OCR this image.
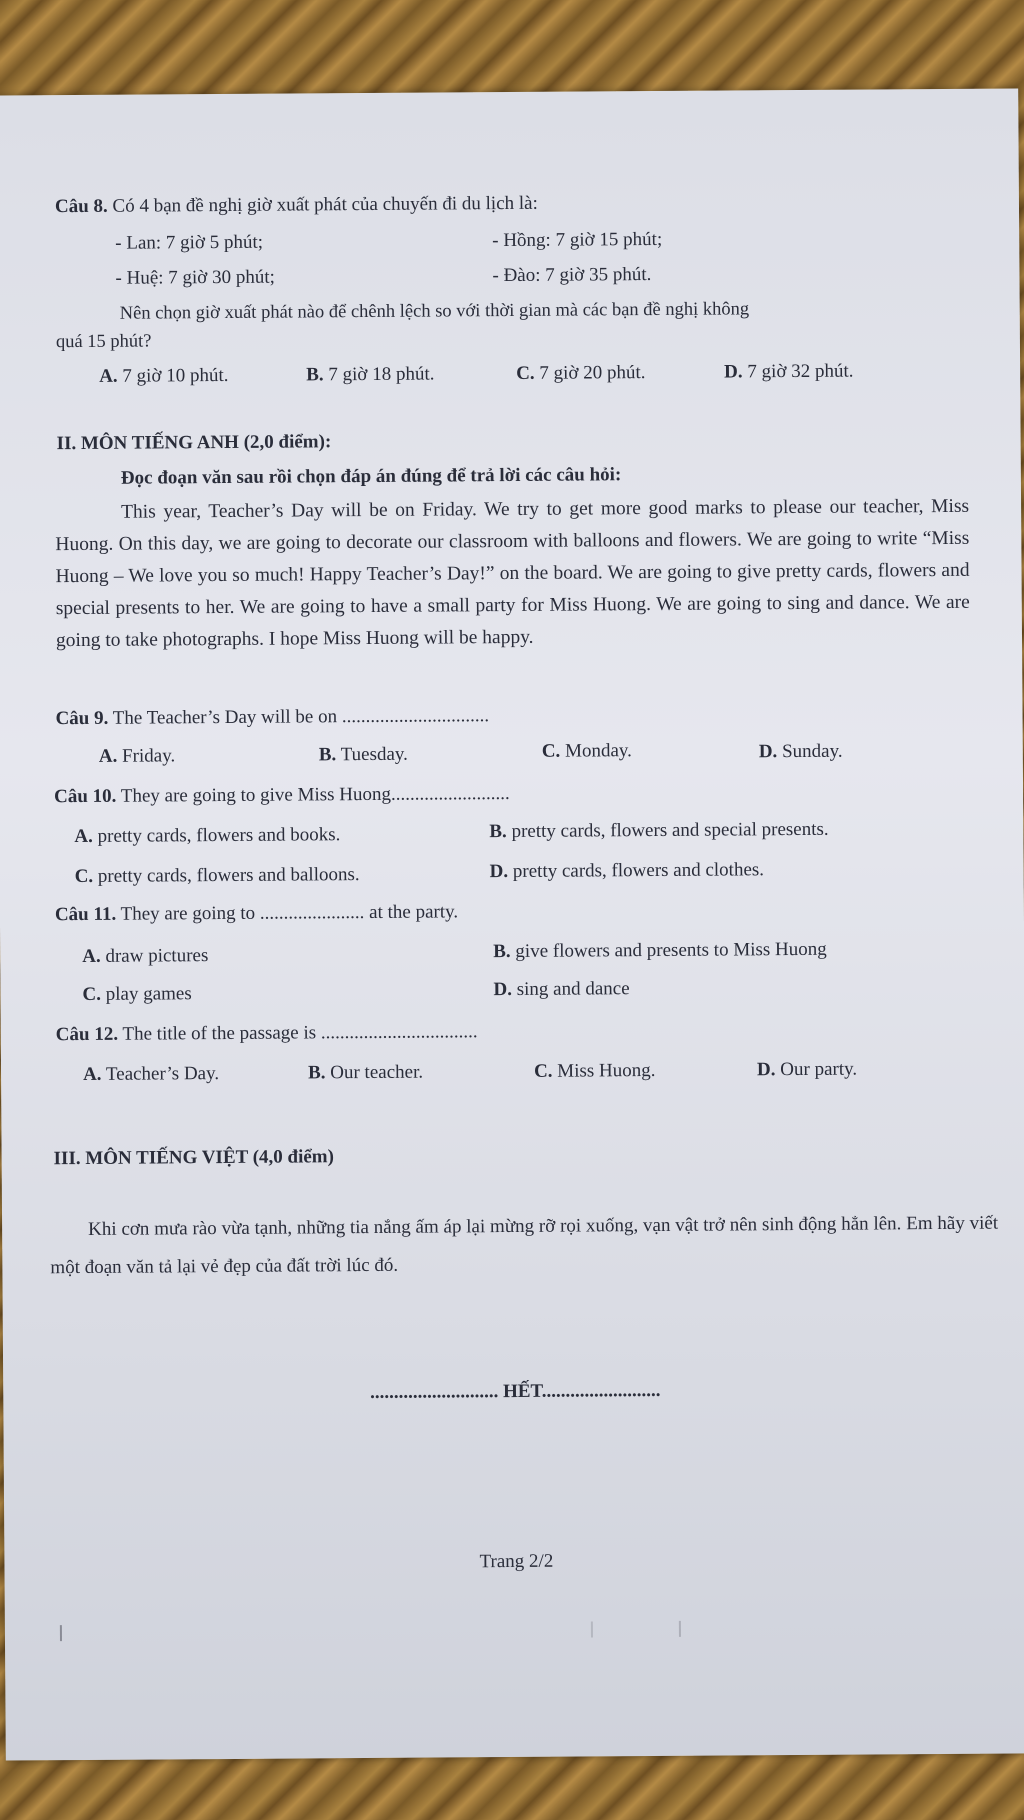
Câu 8. Có 4 bạn đề nghị giờ xuất phát của chuyến đi du lịch là:
- Lan: 7 giờ 5 phút;	- Hồng: 7 giờ 15 phút;
- Huệ: 7 giờ 30 phút;	- Đào: 7 giờ 35 phút.
Nên chọn giờ xuất phát nào để chênh lệch so với thời gian mà các bạn đề nghị không
quá 15 phút?
A. 7 giờ 10 phút.	B. 7 giờ 18 phút.	C. 7 giờ 20 phút.	D. 7 giờ 32 phút.
II. MÔN TIẾNG ANH (2,0 điểm):
Đọc đoạn văn sau rồi chọn đáp án đúng để trả lời các câu hỏi:
This year, Teacher’s Day will be on Friday. We try to get more good marks to please our teacher, Miss Huong. On this day, we are going to decorate our classroom with balloons and flowers. We are going to write “Miss Huong – We love you so much! Happy Teacher’s Day!” on the board. We are going to give pretty cards, flowers and special presents to her. We are going to have a small party for Miss Huong. We are going to sing and dance. We are going to take photographs. I hope Miss Huong will be happy.
Câu 9. The Teacher’s Day will be on ...............................
A. Friday.	B. Tuesday.	C. Monday.	D. Sunday.
Câu 10. They are going to give Miss Huong.........................
A. pretty cards, flowers and books.	B. pretty cards, flowers and special presents.
C. pretty cards, flowers and balloons.	D. pretty cards, flowers and clothes.
Câu 11. They are going to ...................... at the party.
A. draw pictures	B. give flowers and presents to Miss Huong
C. play games	D. sing and dance
Câu 12. The title of the passage is .................................
A. Teacher’s Day.	B. Our teacher.	C. Miss Huong.	D. Our party.
III. MÔN TIẾNG VIỆT (4,0 điểm)
Khi cơn mưa rào vừa tạnh, những tia nắng ấm áp lại mừng rỡ rọi xuống, vạn vật trở nên sinh động hẳn lên. Em hãy viết một đoạn văn tả lại vẻ đẹp của đất trời lúc đó.
........................... HẾT.........................
Trang 2/2
